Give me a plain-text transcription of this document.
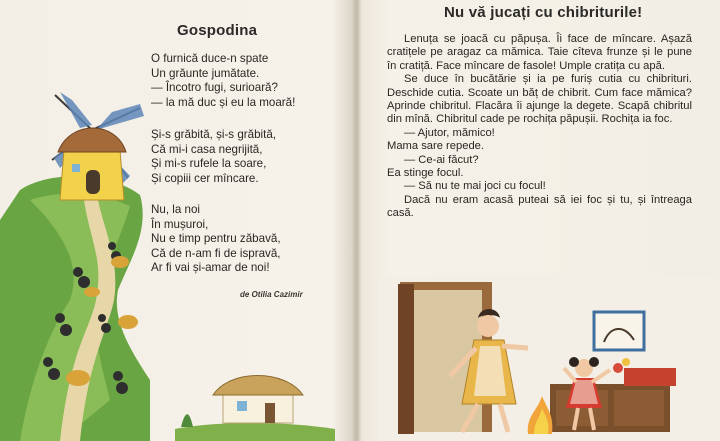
Gospodina
O furnică duce-n spate
Un grăunte jumătate.
— Încotro fugi, surioară?
— la mă duc și eu la moară!
Și-s grăbită, și-s grăbită,
Că mi-i casa negrijită,
Și mi-s rufele la soare,
Și copiii cer mîncare.
Nu, la noi
În mușuroi,
Nu e timp pentru zăbavă,
Că de n-am fi de ispravă,
Ar fi vai și-amar de noi!
de Otilia Cazimir
Nu vă jucați cu chibriturile!

Lenuța se joacă cu păpușa. Îi face de mîncare. Așază cratițele pe aragaz ca mămica. Taie cîteva frunze și le pune în cratiță. Face mîncare de fasole! Umple cratița cu apă.

Se duce în bucătărie și ia pe furiș cutia cu chibrituri. Deschide cutia. Scoate un băț de chibrit. Cum face mămica? Aprinde chibritul. Flacăra îi ajunge la degete. Scapă chibritul din mînă. Chibritul cade pe rochița păpușii. Rochița ia foc.

— Ajutor, mămico!
Mama sare repede.
— Ce-ai făcut?
Ea stinge focul.
— Să nu te mai joci cu focul!

Dacă nu eram acasă puteai să iei foc și tu, și întreaga casă.
